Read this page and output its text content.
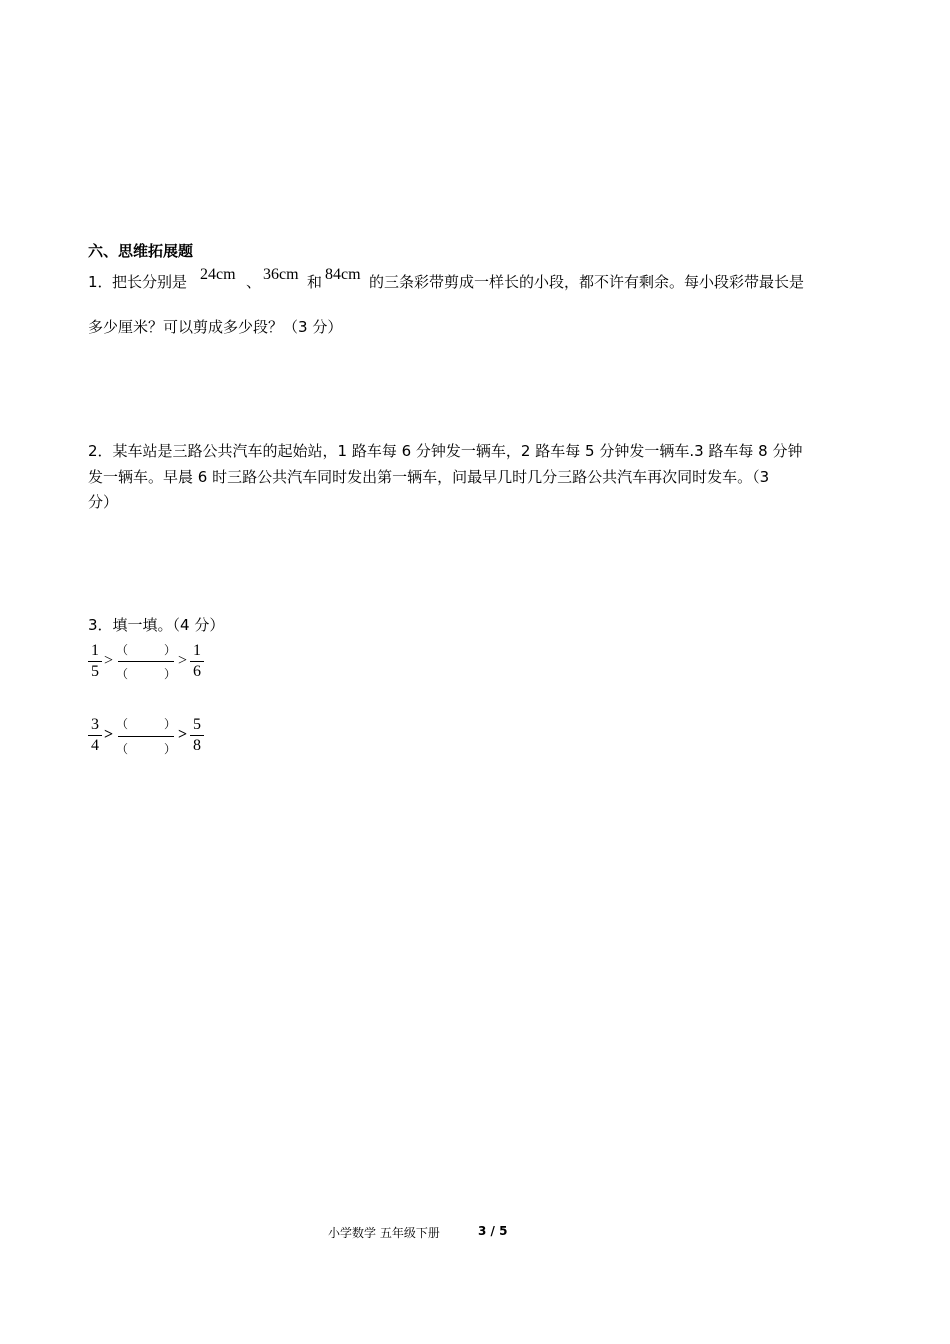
六、思维拓展题
1． 把长分别是 24cm 、 36cm 和 84cm 的三条彩带剪成一样长的小段，都不许有剩余。每小段彩带最长是
多少厘米？可以剪成多少段？（3 分）
2．某车站是三路公共汽车的起始站，1 路车每 6 分钟发一辆车，2 路车每 5 分钟发一辆车.3 路车每 8 分钟
发一辆车。早晨 6 时三路公共汽车同时发出第一辆车，问最早几时几分三路公共汽车再次同时发车。（3
分）
3．填一填。（4 分）
1
5
>
（	）
（	）
>
1
6
3
4
>
（	）
（	）
>
5
8
小学数学 五年级下册	3 / 5
